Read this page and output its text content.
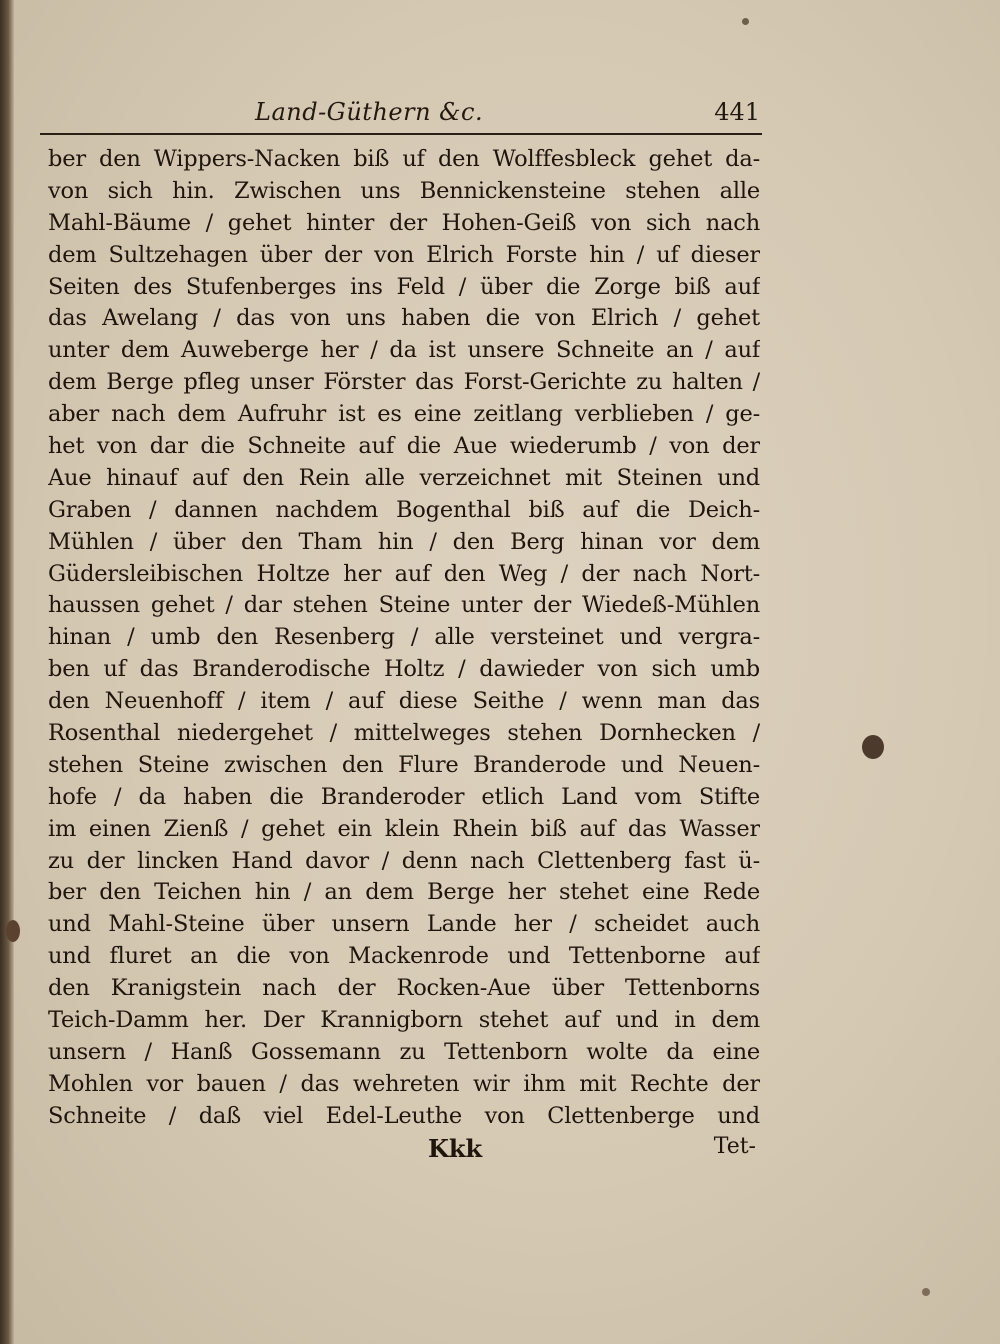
Land-Güthern &c.	441
ber den Wippers-Nacken biß uf den Wolffesbleck gehet da-
von sich hin. Zwischen uns Bennickensteine stehen alle
Mahl-Bäume / gehet hinter der Hohen-Geiß von sich nach
dem Sultzehagen über der von Elrich Forste hin / uf dieser
Seiten des Stufenberges ins Feld / über die Zorge biß auf
das Awelang / das von uns haben die von Elrich / gehet
unter dem Auweberge her / da ist unsere Schneite an / auf
dem Berge pfleg unser Förster das Forst-Gerichte zu halten /
aber nach dem Aufruhr ist es eine zeitlang verblieben / ge-
het von dar die Schneite auf die Aue wiederumb / von der
Aue hinauf auf den Rein alle verzeichnet mit Steinen und
Graben / dannen nachdem Bogenthal biß auf die Deich-
Mühlen / über den Tham hin / den Berg hinan vor dem
Güdersleibischen Holtze her auf den Weg / der nach Nort-
haussen gehet / dar stehen Steine unter der Wiedeß-Mühlen
hinan / umb den Resenberg / alle versteinet und vergra-
ben uf das Branderodische Holtz / dawieder von sich umb
den Neuenhoff / item / auf diese Seithe / wenn man das
Rosenthal niedergehet / mittelweges stehen Dornhecken /
stehen Steine zwischen den Flure Branderode und Neuen-
hofe / da haben die Branderoder etlich Land vom Stifte
im einen Zienß / gehet ein klein Rhein biß auf das Wasser
zu der lincken Hand davor / denn nach Clettenberg fast ü-
ber den Teichen hin / an dem Berge her stehet eine Rede
und Mahl-Steine über unsern Lande her / scheidet auch
und fluret an die von Mackenrode und Tettenborne auf
den Kranigstein nach der Rocken-Aue über Tettenborns
Teich-Damm her. Der Krannigborn stehet auf und in dem
unsern / Hanß Gossemann zu Tettenborn wolte da eine
Mohlen vor bauen / das wehreten wir ihm mit Rechte der
Schneite / daß viel Edel-Leuthe von Clettenberge und
Kkk	Tet-
